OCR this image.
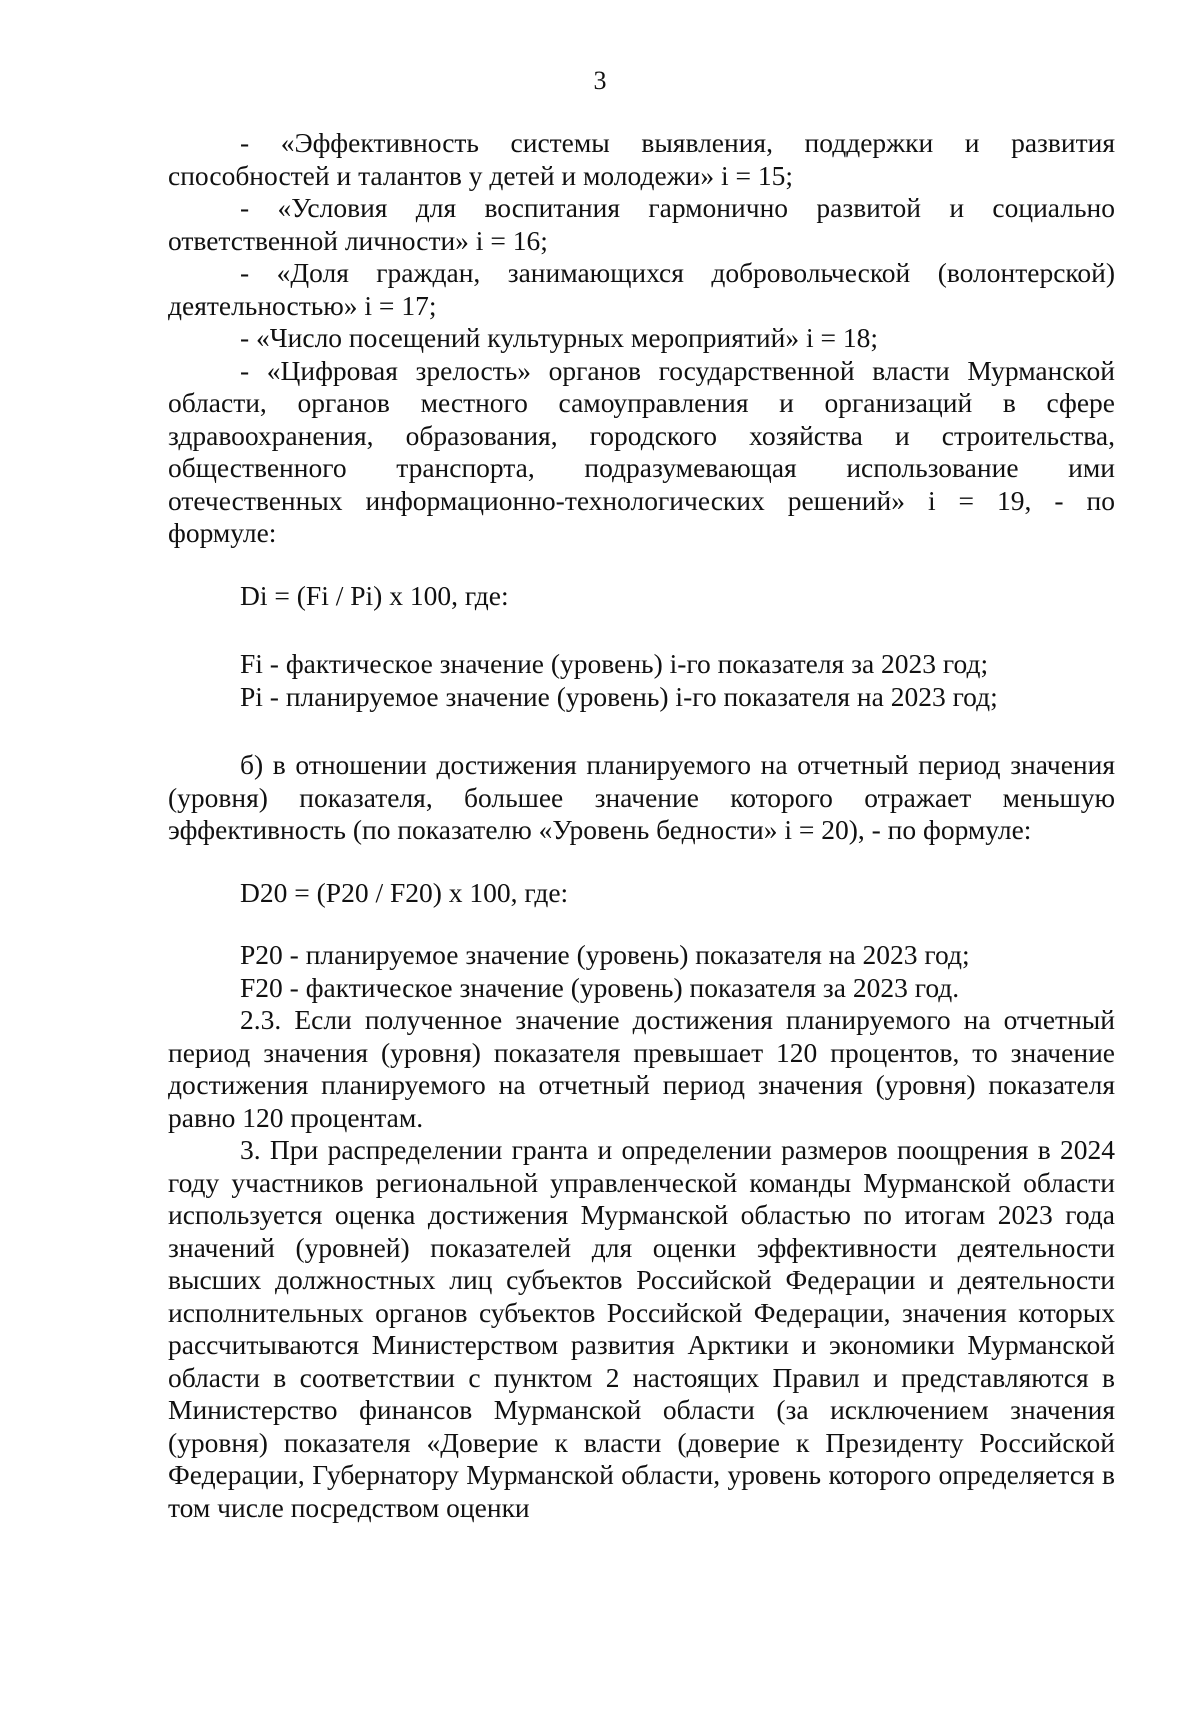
3

- «Эффективность системы выявления, поддержки и развития способностей и талантов у детей и молодежи» i = 15;

- «Условия для воспитания гармонично развитой и социально ответственной личности» i = 16;

- «Доля граждан, занимающихся добровольческой (волонтерской) деятельностью» i = 17;

- «Число посещений культурных мероприятий» i = 18;

- «Цифровая зрелость» органов государственной власти Мурманской области, органов местного самоуправления и организаций в сфере здравоохранения, образования, городского хозяйства и строительства, общественного транспорта, подразумевающая использование ими отечественных информационно-технологических решений» i = 19, - по формуле:

Di = (Fi / Pi) x 100, где:

Fi - фактическое значение (уровень) i-го показателя за 2023 год;

Pi - планируемое значение (уровень) i-го показателя на 2023 год;

б) в отношении достижения планируемого на отчетный период значения (уровня) показателя, большее значение которого отражает меньшую эффективность (по показателю «Уровень бедности» i = 20), - по формуле:

D20 = (P20 / F20) x 100, где:

P20 - планируемое значение (уровень) показателя на 2023 год;

F20 - фактическое значение (уровень) показателя за 2023 год.

2.3. Если полученное значение достижения планируемого на отчетный период значения (уровня) показателя превышает 120 процентов, то значение достижения планируемого на отчетный период значения (уровня) показателя равно 120 процентам.

3. При распределении гранта и определении размеров поощрения в 2024 году участников региональной управленческой команды Мурманской области используется оценка достижения Мурманской областью по итогам 2023 года значений (уровней) показателей для оценки эффективности деятельности высших должностных лиц субъектов Российской Федерации и деятельности исполнительных органов субъектов Российской Федерации, значения которых рассчитываются Министерством развития Арктики и экономики Мурманской области в соответствии с пунктом 2 настоящих Правил и представляются в Министерство финансов Мурманской области (за исключением значения (уровня) показателя «Доверие к власти (доверие к Президенту Российской Федерации, Губернатору Мурманской области, уровень которого определяется в том числе посредством оценки
